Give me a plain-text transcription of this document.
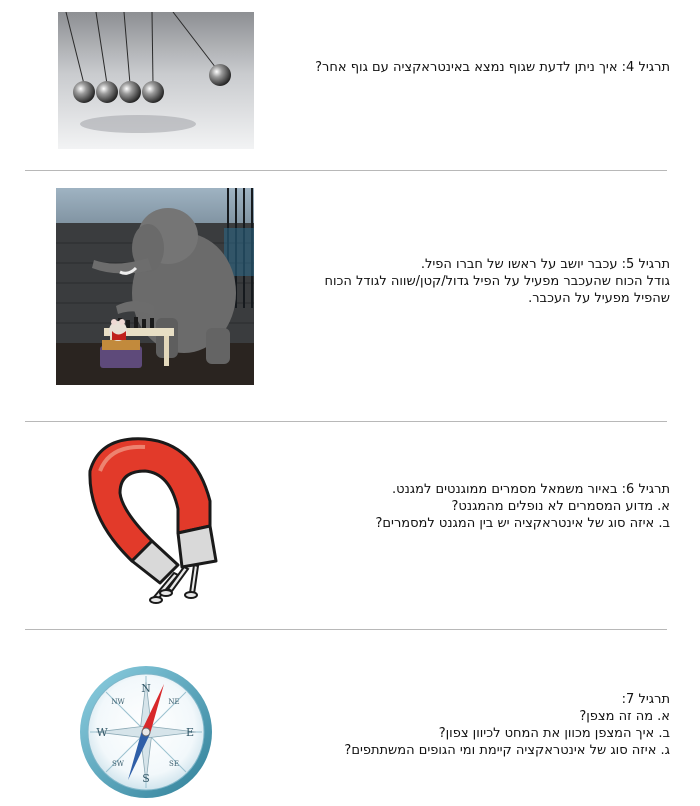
תרגיל 4: איך ניתן לדעת שגוף נמצא באינטראקציה עם גוף אחר?
תרגיל 5: עכבר יושב על ראשו של חברו הפיל.
גודל הכוח שהעכבר מפעיל על הפיל גדול/קטן/שווה לגודל הכוח
שהפיל מפעיל על העכבר.
תרגיל 6: באיור משמאל מסמרים ממוגנטים למגנט.
א. מדוע המסמרים לא נופלים מהמגנט?
ב. איזה סוג של אינטראקציה יש בין המגנט למסמרים?
N
S
E
W
NE
NW
SE
SW
תרגיל 7:
א. מה זה מצפן?
ב. איך המצפן מכוון את המחט לכיוון צפון?
ג. איזה סוג של אינטראקציה קיימת ומי הגופים המשתתפים?
